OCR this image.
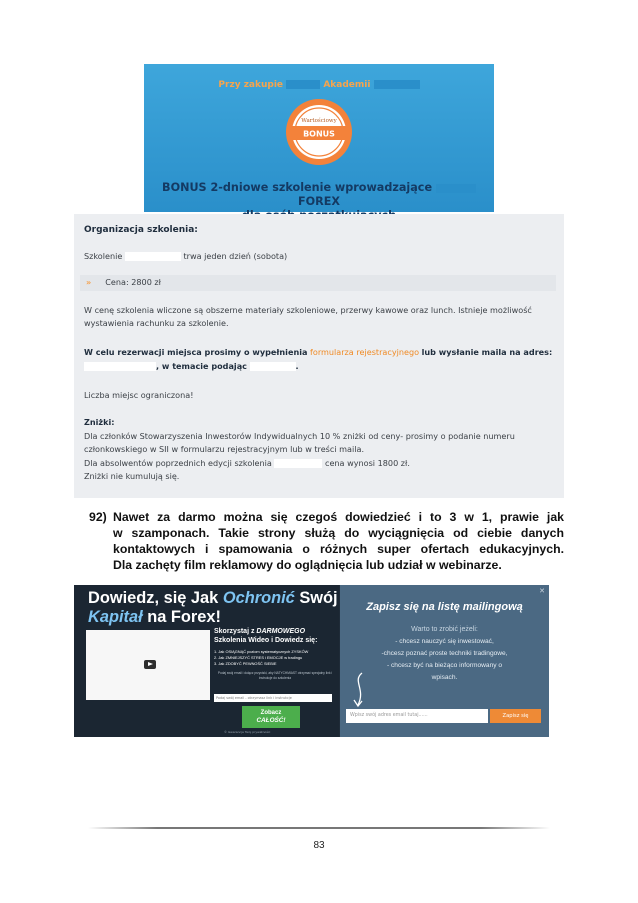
Przy zakupie	Akademii
Wartościowy
BONUS
BONUS 2-dniowe szkolenie wprowadzające  FOREX

Organizacja szkolenia:
Szkolenie	trwa jeden dzień (sobota)
» Cena: 2800 zł
W cenę szkolenia wliczone są obszerne materiały szkoleniowe, przerwy kawowe oraz lunch. Istnieje możliwość
wystawienia rachunku za szkolenie.
W celu rezerwacji miejsca prosimy o wypełnienia formularza rejestracyjnego lub wysłanie maila na adres:
, w temacie podając	.
Liczba miejsc ograniczona!
Zniżki:
Dla członków Stowarzyszenia Inwestorów Indywidualnych 10 % zniżki od ceny- prosimy o podanie numeru
członkowskiego w SII w formularzu rejestracyjnym lub w treści maila.
Dla absolwentów poprzednich edycji szkolenia	cena wynosi 1800 zł.
Zniżki nie kumulują się.
92) Nawet za darmo można się czegoś dowiedzieć i to 3 w 1, prawie jak
w szamponach. Takie strony służą do wyciągnięcia od ciebie danych
kontaktowych i spamowania o różnych super ofertach edukacyjnych.
Dla zachęty film reklamowy do oglądnięcia lub udział w webinarze.
Dowiedz, się Jak Ochronić Swój
Kapitał na Forex!
Skorzystaj z DARMOWEGO
Szkolenia Wideo i Dowiedz się:
1. Jak OSIĄGNĄĆ poziom systematycznych ZYSKÓW
2. Jak ZMNIEJSZYĆ STRES i EMOCJE w tradingu
3. Jak ZDOBYĆ PEWNOŚĆ SIEBIE
Podaj swój email i dołącz przyciski, aby NATYCHMIAST otrzymać specjalny link i instrukcje do szkolenia
Podaj swój email - otrzymasz link i instrukcje
Zobacz
CAŁOŚĆ!
© Gwarancja Twoj prywatności
✕
Zapisz się na listę mailingową
Warto to zrobić jeżeli:
- chcesz nauczyć się inwestować,
-chcesz poznać proste techniki tradingowe,
- chcesz być na bieżąco informowany o
wpisach.
Wpisz swój adres email tutaj......	Zapisz się
83
